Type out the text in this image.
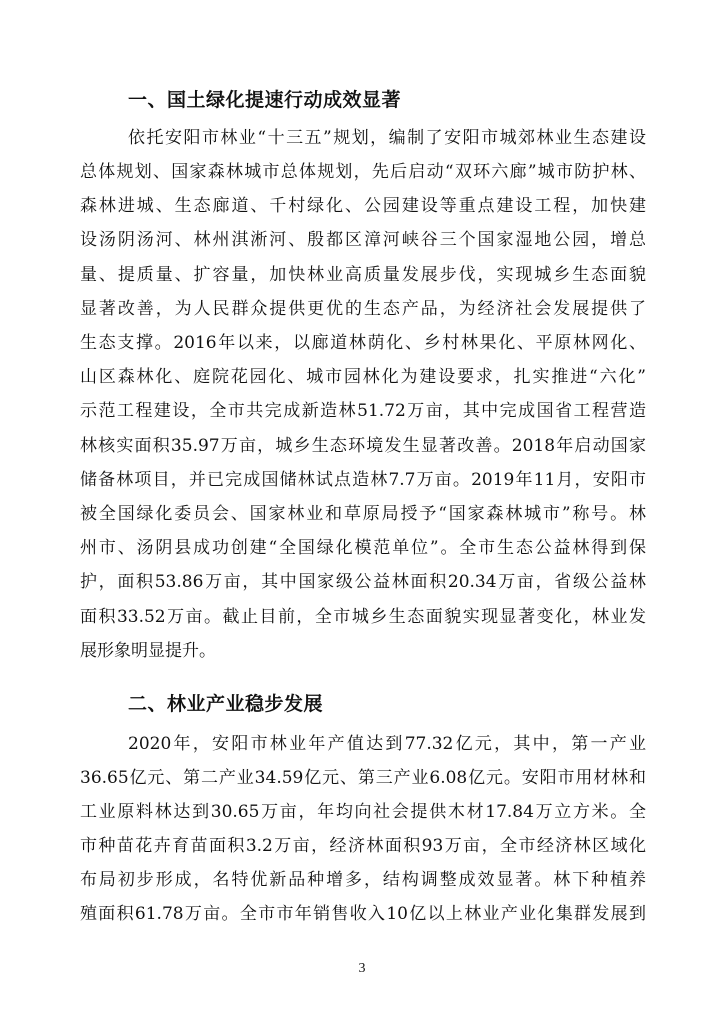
一、国土绿化提速行动成效显著
依托安阳市林业“十三五”规划，编制了安阳市城郊林业生态建设
总体规划、国家森林城市总体规划，先后启动“双环六廊”城市防护林、
森林进城、生态廊道、千村绿化、公园建设等重点建设工程，加快建
设汤阴汤河、林州淇淅河、殷都区漳河峡谷三个国家湿地公园，增总
量、提质量、扩容量，加快林业高质量发展步伐，实现城乡生态面貌
显著改善，为人民群众提供更优的生态产品，为经济社会发展提供了
生态支撑。2016年以来，以廊道林荫化、乡村林果化、平原林网化、
山区森林化、庭院花园化、城市园林化为建设要求，扎实推进“六化”
示范工程建设，全市共完成新造林51.72万亩，其中完成国省工程营造
林核实面积35.97万亩，城乡生态环境发生显著改善。2018年启动国家
储备林项目，并已完成国储林试点造林7.7万亩。2019年11月，安阳市
被全国绿化委员会、国家林业和草原局授予“国家森林城市”称号。林
州市、汤阴县成功创建“全国绿化模范单位”。全市生态公益林得到保
护，面积53.86万亩，其中国家级公益林面积20.34万亩，省级公益林
面积33.52万亩。截止目前，全市城乡生态面貌实现显著变化，林业发
展形象明显提升。
二、林业产业稳步发展
2020年，安阳市林业年产值达到77.32亿元，其中，第一产业
36.65亿元、第二产业34.59亿元、第三产业6.08亿元。安阳市用材林和
工业原料林达到30.65万亩，年均向社会提供木材17.84万立方米。全
市种苗花卉育苗面积3.2万亩，经济林面积93万亩，全市经济林区域化
布局初步形成，名特优新品种增多，结构调整成效显著。林下种植养
殖面积61.78万亩。全市市年销售收入10亿以上林业产业化集群发展到
3
